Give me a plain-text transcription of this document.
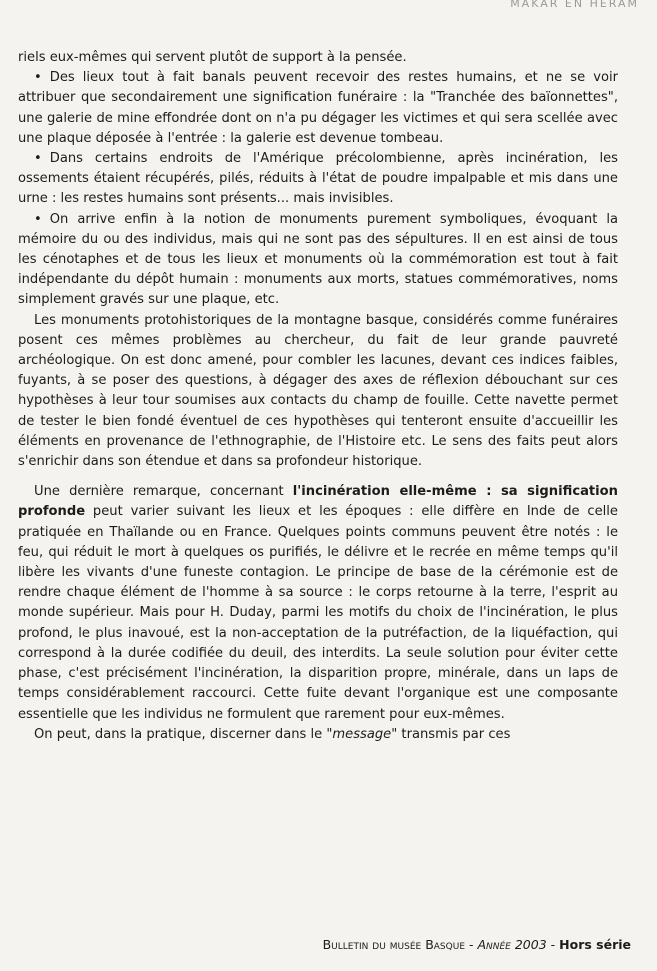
MAKAR EN HERAM

riels eux-mêmes qui servent plutôt de support à la pensée.

• Des lieux tout à fait banals peuvent recevoir des restes humains, et ne se voir attribuer que secondairement une signification funéraire : la "Tranchée des baïonnettes", une galerie de mine effondrée dont on n'a pu dégager les victimes et qui sera scellée avec une plaque déposée à l'entrée : la galerie est devenue tombeau.

• Dans certains endroits de l'Amérique précolombienne, après incinération, les ossements étaient récupérés, pilés, réduits à l'état de poudre impalpable et mis dans une urne : les restes humains sont présents... mais invisibles.

• On arrive enfin à la notion de monuments purement symboliques, évoquant la mémoire du ou des individus, mais qui ne sont pas des sépultures. Il en est ainsi de tous les cénotaphes et de tous les lieux et monuments où la commémoration est tout à fait indépendante du dépôt humain : monuments aux morts, statues commémoratives, noms simplement gravés sur une plaque, etc.

Les monuments protohistoriques de la montagne basque, considérés comme funéraires posent ces mêmes problèmes au chercheur, du fait de leur grande pauvreté archéologique. On est donc amené, pour combler les lacunes, devant ces indices faibles, fuyants, à se poser des questions, à dégager des axes de réflexion débouchant sur ces hypothèses à leur tour soumises aux contacts du champ de fouille. Cette navette permet de tester le bien fondé éventuel de ces hypothèses qui tenteront ensuite d'accueillir les éléments en provenance de l'ethnographie, de l'Histoire etc. Le sens des faits peut alors s'enrichir dans son étendue et dans sa profondeur historique.

Une dernière remarque, concernant l'incinération elle-même : sa signification profonde peut varier suivant les lieux et les époques : elle diffère en Inde de celle pratiquée en Thaïlande ou en France. Quelques points communs peuvent être notés : le feu, qui réduit le mort à quelques os purifiés, le délivre et le recrée en même temps qu'il libère les vivants d'une funeste contagion. Le principe de base de la cérémonie est de rendre chaque élément de l'homme à sa source : le corps retourne à la terre, l'esprit au monde supérieur. Mais pour H. Duday, parmi les motifs du choix de l'incinération, le plus profond, le plus inavoué, est la non-acceptation de la putréfaction, de la liquéfaction, qui correspond à la durée codifiée du deuil, des interdits. La seule solution pour éviter cette phase, c'est précisément l'incinération, la disparition propre, minérale, dans un laps de temps considérablement raccourci. Cette fuite devant l'organique est une composante essentielle que les individus ne formulent que rarement pour eux-mêmes.

On peut, dans la pratique, discerner dans le "message" transmis par ces

Bulletin du musée Basque - Année 2003 - Hors série
